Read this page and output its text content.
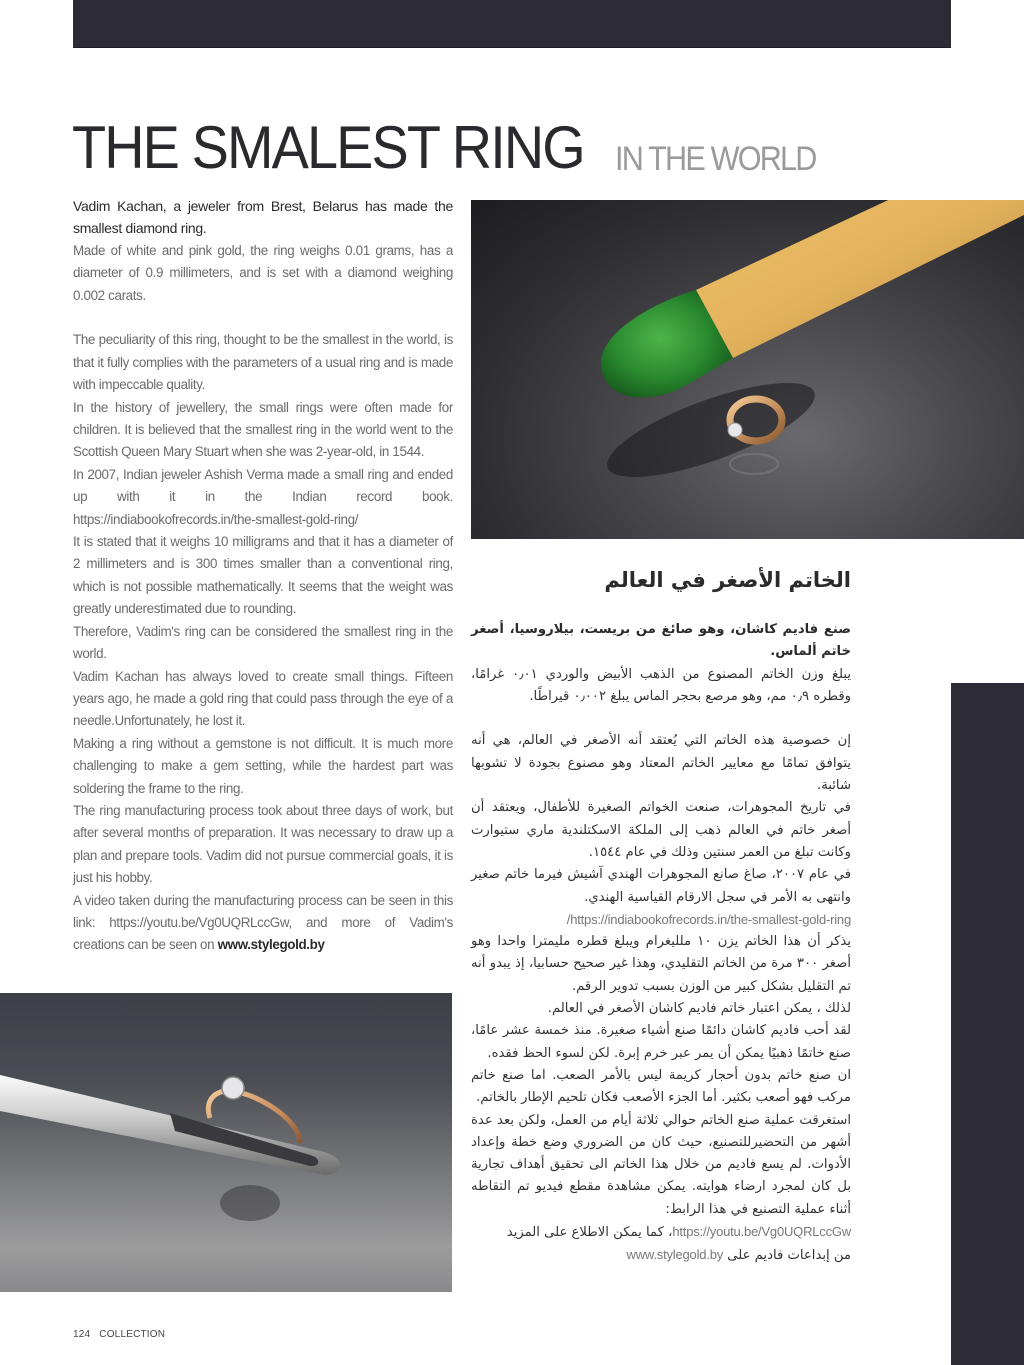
THE SMALEST RING IN THE WORLD

Vadim Kachan, a jeweler from Brest, Belarus has made the smallest diamond ring.

Made of white and pink gold, the ring weighs 0.01 grams, has a diameter of 0.9 millimeters, and is set with a diamond weighing 0.002 carats.

The peculiarity of this ring, thought to be the smallest in the world, is that it fully complies with the parameters of a usual ring and is made with impeccable quality.

In the history of jewellery, the small rings were often made for children. It is believed that the smallest ring in the world went to the Scottish Queen Mary Stuart when she was 2-year-old, in 1544.

In 2007, Indian jeweler Ashish Verma made a small ring and ended up with it in the Indian record book. https://indiabookofrecords.in/the-smallest-gold-ring/

It is stated that it weighs 10 milligrams and that it has a diameter of 2 millimeters and is 300 times smaller than a conventional ring, which is not possible mathematically. It seems that the weight was greatly underestimated due to rounding.

Therefore, Vadim's ring can be considered the smallest ring in the world.

Vadim Kachan has always loved to create small things. Fifteen years ago, he made a gold ring that could pass through the eye of a needle.Unfortunately, he lost it.

Making a ring without a gemstone is not difficult. It is much more challenging to make a gem setting, while the hardest part was soldering the frame to the ring.

The ring manufacturing process took about three days of work, but after several months of preparation. It was necessary to draw up a plan and prepare tools. Vadim did not pursue commercial goals, it is just his hobby.

A video taken during the manufacturing process can be seen in this link: https://youtu.be/Vg0UQRLccGw, and more of Vadim's creations can be seen on www.stylegold.by

الخاتم الأصغر في العالم

صنع فاديم كاشان، وهو صائغ من بريست، بيلاروسيا، أصغر خاتم ألماس.

يبلغ وزن الخاتم المصنوع من الذهب الأبيض والوردي ٠٫٠١ غرامًا، وقطره ٠٫٩ مم، وهو مرصع بحجر الماس يبلغ ٠٫٠٠٢ قيراطًا.

إن خصوصية هذه الخاتم التي يُعتقد أنه الأصغر في العالم، هي أنه يتوافق تمامًا مع معايير الخاتم المعتاد وهو مصنوع بجودة لا تشوبها شائبة.

في تاريخ المجوهرات، صنعت الخواتم الصغيرة للأطفال، ويعتقد أن أصغر خاتم في العالم ذهب إلى الملكة الاسكتلندية ماري ستيوارت وكانت تبلغ من العمر سنتين وذلك في عام ١٥٤٤.

في عام ٢٠٠٧، صاغ صانع المجوهرات الهندي آشيش فيرما خاتم صغير وانتهى به الأمر في سجل الارقام القياسية الهندي.

/https://indiabookofrecords.in/the-smallest-gold-ring

يذكر أن هذا الخاتم يزن ١٠ ملليغرام ويبلغ قطره مليمترا واحدا وهو أصغر ٣٠٠ مرة من الخاتم التقليدي، وهذا غير صحيح حسابيا، إذ يبدو أنه تم التقليل بشكل كبير من الوزن بسبب تدوير الرقم.

لذلك ، يمكن اعتبار خاتم فاديم كاشان الأصغر في العالم.

لقد أحب فاديم كاشان دائمًا صنع أشياء صغيرة. منذ خمسة عشر عامًا، صنع خاتمًا ذهبيًا يمكن أن يمر عبر خرم إبرة. لكن لسوء الحظ فقده.

ان صنع خاتم بدون أحجار كريمة ليس بالأمر الصعب. اما صنع خاتم مركب فهو أصعب بكثير. أما الجزء الأصعب فكان تلحيم الإطار بالخاتم.

استغرقت عملية صنع الخاتم حوالي ثلاثة أيام من العمل، ولكن بعد عدة أشهر من التحضيرللتصنيع، حيث كان من الضروري وضع خطة وإعداد الأدوات. لم يسع فاديم من خلال هذا الخاتم الى تحقيق أهداف تجارية بل كان لمجرد ارضاء هوايته. يمكن مشاهدة مقطع فيديو تم التقاطه أثناء عملية التصنيع في هذا الرابط:

https://youtu.be/Vg0UQRLccGw، كما يمكن الاطلاع على المزيد

من إبداعات فاديم على www.stylegold.by

124 COLLECTION
